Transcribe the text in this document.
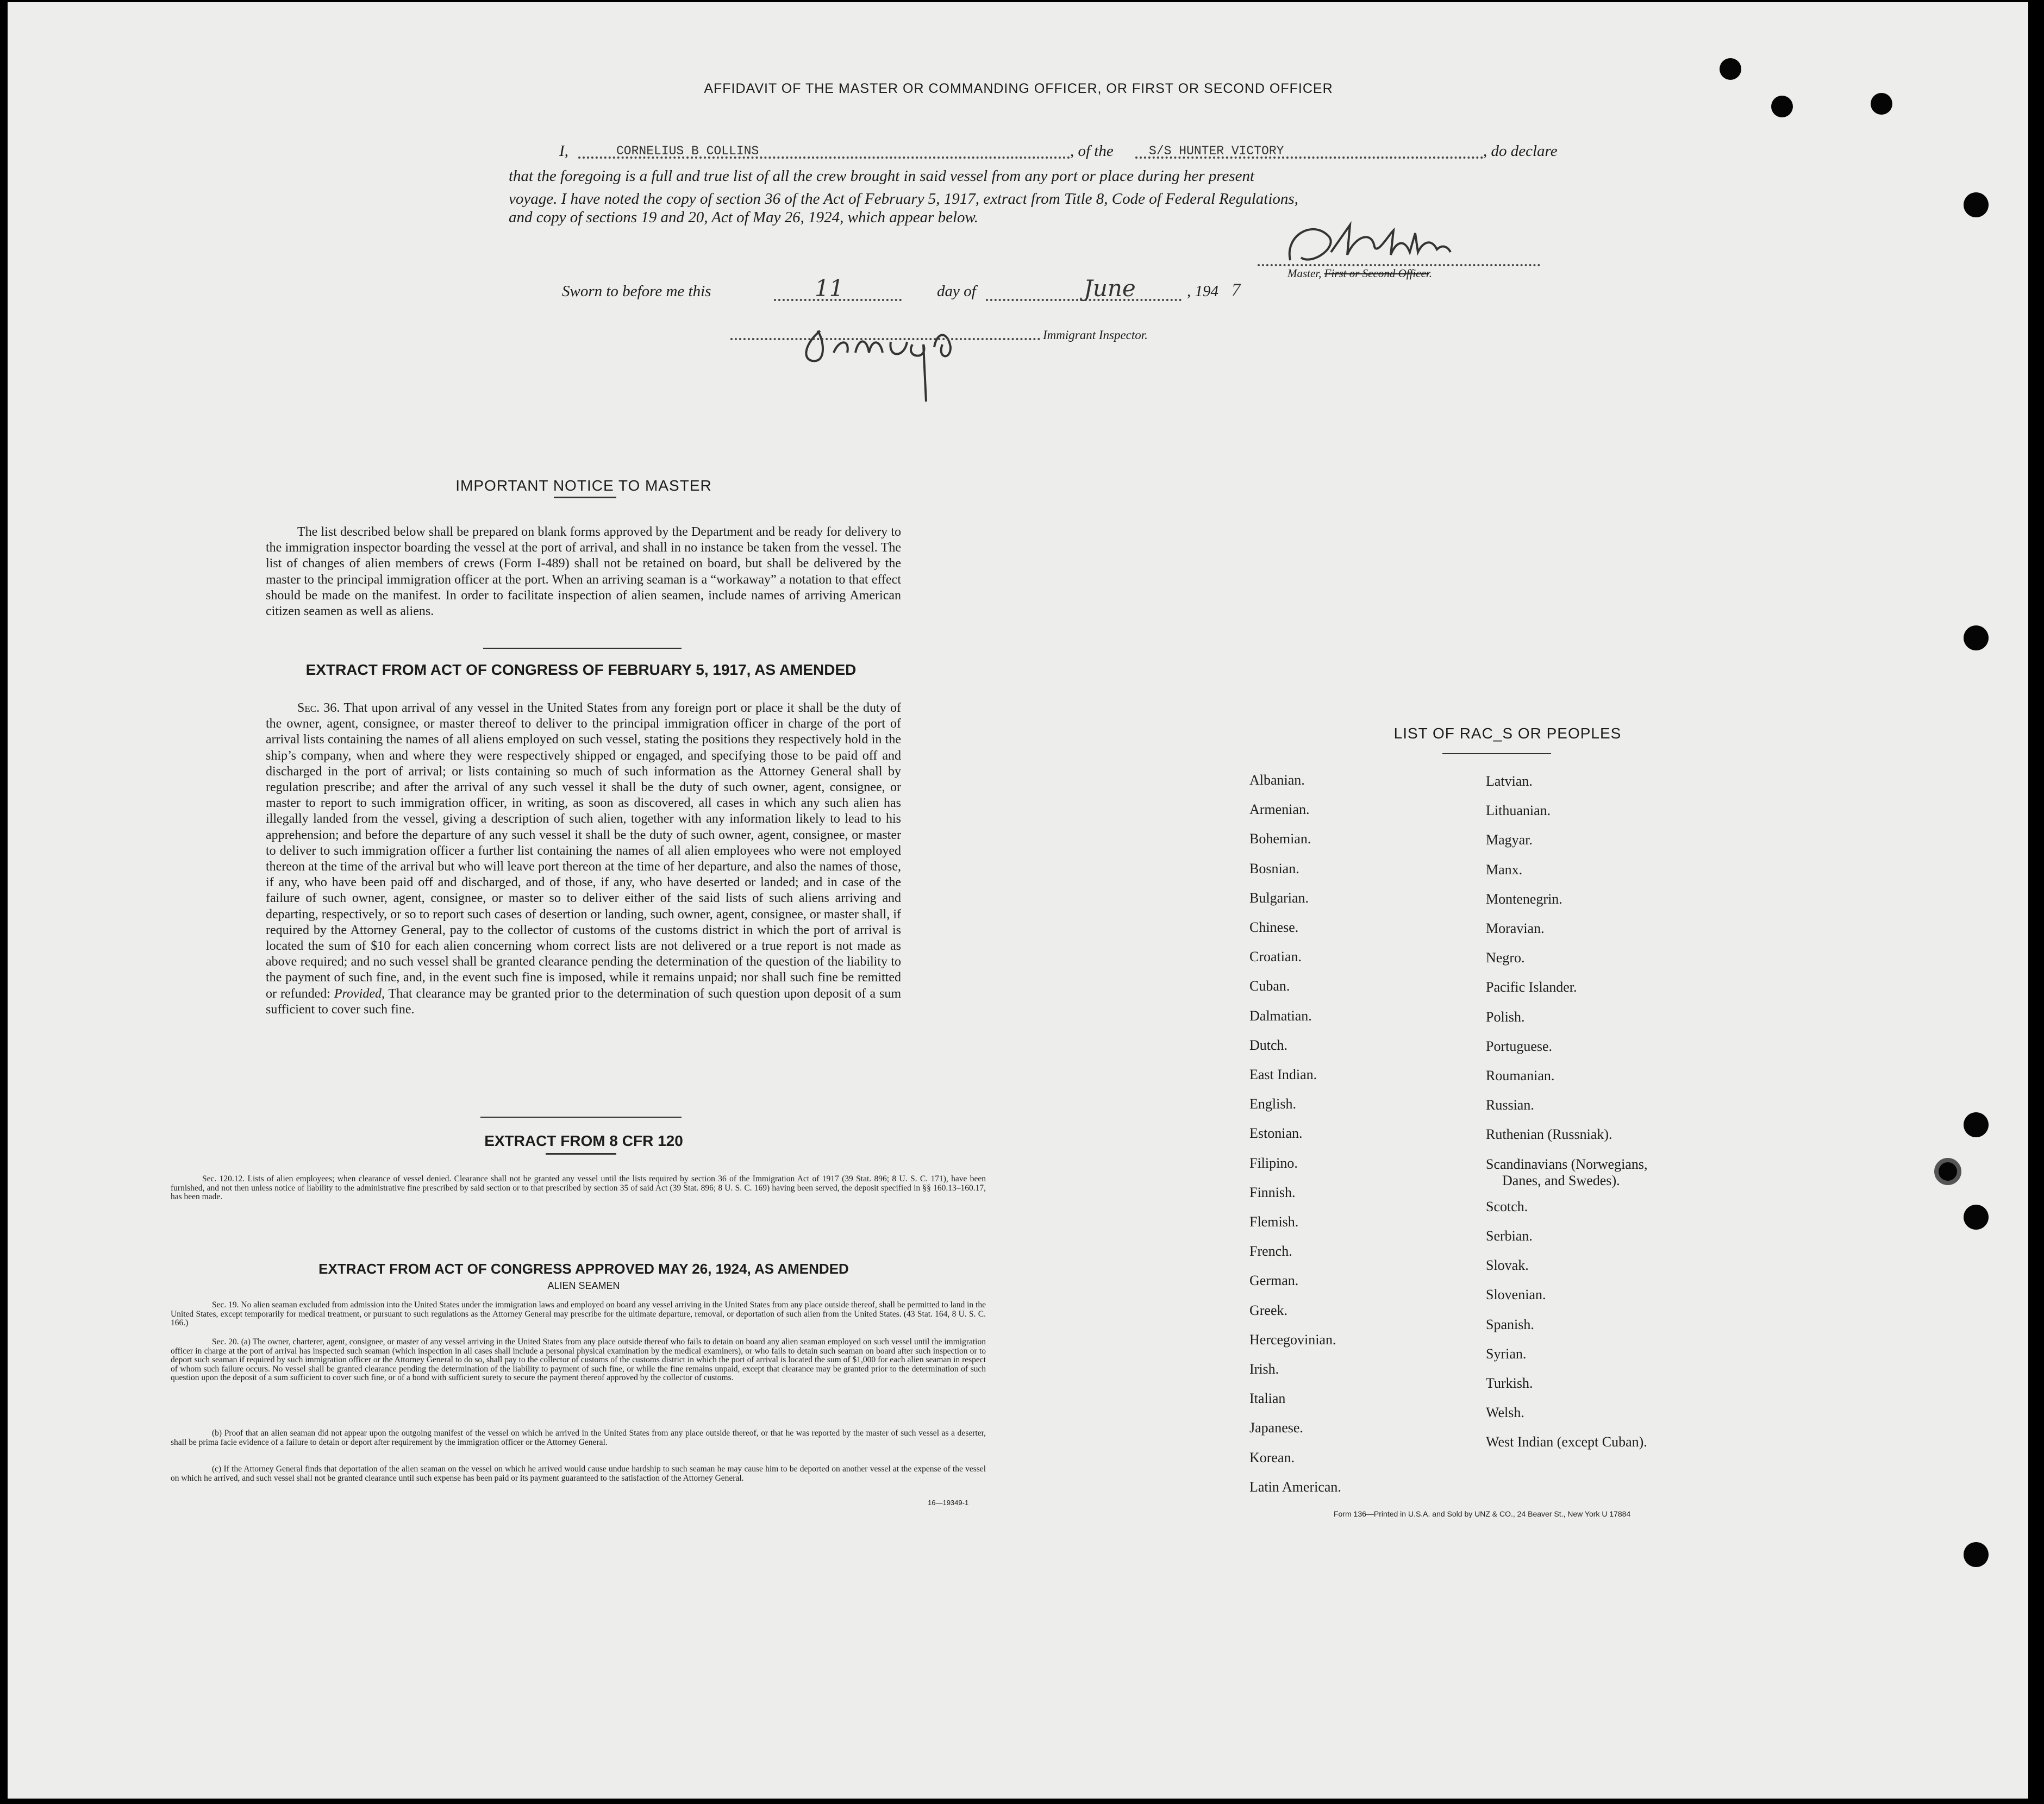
AFFIDAVIT OF THE MASTER OR COMMANDING OFFICER, OR FIRST OR SECOND OFFICER
I,	CORNELIUS B COLLINS	, of the	S/S HUNTER VICTORY	, do declare
that the foregoing is a full and true list of all the crew brought in said vessel from any port or place during her present
voyage. I have noted the copy of section 36 of the Act of February 5, 1917, extract from Title 8, Code of Federal Regulations,
and copy of sections 19 and 20, Act of May 26, 1924, which appear below.
Master, First or Second Officer.
Sworn to before me this	11	day of	June	, 194 7
Immigrant Inspector.
IMPORTANT NOTICE TO MASTER
The list described below shall be prepared on blank forms approved by the Department and be ready for delivery to the immigration inspector boarding the vessel at the port of arrival, and shall in no instance be taken from the vessel. The list of changes of alien members of crews (Form I-489) shall not be retained on board, but shall be delivered by the master to the principal immigration officer at the port. When an arriving seaman is a “workaway” a notation to that effect should be made on the manifest. In order to facilitate inspection of alien seamen, include names of arriving American citizen seamen as well as aliens.
EXTRACT FROM ACT OF CONGRESS OF FEBRUARY 5, 1917, AS AMENDED
Sec. 36. That upon arrival of any vessel in the United States from any foreign port or place it shall be the duty of the owner, agent, consignee, or master thereof to deliver to the principal immigration officer in charge of the port of arrival lists containing the names of all aliens employed on such vessel, stating the positions they respectively hold in the ship’s company, when and where they were respectively shipped or engaged, and specifying those to be paid off and discharged in the port of arrival; or lists containing so much of such information as the Attorney General shall by regulation prescribe; and after the arrival of any such vessel it shall be the duty of such owner, agent, consignee, or master to report to such immigration officer, in writing, as soon as discovered, all cases in which any such alien has illegally landed from the vessel, giving a description of such alien, together with any information likely to lead to his apprehension; and before the departure of any such vessel it shall be the duty of such owner, agent, consignee, or master to deliver to such immigration officer a further list containing the names of all alien employees who were not employed thereon at the time of the arrival but who will leave port thereon at the time of her departure, and also the names of those, if any, who have been paid off and discharged, and of those, if any, who have deserted or landed; and in case of the failure of such owner, agent, consignee, or master so to deliver either of the said lists of such aliens arriving and departing, respectively, or so to report such cases of desertion or landing, such owner, agent, consignee, or master shall, if required by the Attorney General, pay to the collector of customs of the customs district in which the port of arrival is located the sum of $10 for each alien concerning whom correct lists are not delivered or a true report is not made as above required; and no such vessel shall be granted clearance pending the determination of the question of the liability to the payment of such fine, and, in the event such fine is imposed, while it remains unpaid; nor shall such fine be remitted or refunded: Provided, That clearance may be granted prior to the determination of such question upon deposit of a sum sufficient to cover such fine.
EXTRACT FROM 8 CFR 120
Sec. 120.12. Lists of alien employees; when clearance of vessel denied. Clearance shall not be granted any vessel until the lists required by section 36 of the Immigration Act of 1917 (39 Stat. 896; 8 U. S. C. 171), have been furnished, and not then unless notice of liability to the administrative fine prescribed by said section or to that prescribed by section 35 of said Act (39 Stat. 896; 8 U. S. C. 169) having been served, the deposit specified in §§ 160.13–160.17, has been made.
EXTRACT FROM ACT OF CONGRESS APPROVED MAY 26, 1924, AS AMENDED
ALIEN SEAMEN
Sec. 19. No alien seaman excluded from admission into the United States under the immigration laws and employed on board any vessel arriving in the United States from any place outside thereof, shall be permitted to land in the United States, except temporarily for medical treatment, or pursuant to such regulations as the Attorney General may prescribe for the ultimate departure, removal, or deportation of such alien from the United States. (43 Stat. 164, 8 U. S. C. 166.)
Sec. 20. (a) The owner, charterer, agent, consignee, or master of any vessel arriving in the United States from any place outside thereof who fails to detain on board any alien seaman employed on such vessel until the immigration officer in charge at the port of arrival has inspected such seaman (which inspection in all cases shall include a personal physical examination by the medical examiners), or who fails to detain such seaman on board after such inspection or to deport such seaman if required by such immigration officer or the Attorney General to do so, shall pay to the collector of customs of the customs district in which the port of arrival is located the sum of $1,000 for each alien seaman in respect of whom such failure occurs. No vessel shall be granted clearance pending the determination of the liability to payment of such fine, or while the fine remains unpaid, except that clearance may be granted prior to the determination of such question upon the deposit of a sum sufficient to cover such fine, or of a bond with sufficient surety to secure the payment thereof approved by the collector of customs.
(b) Proof that an alien seaman did not appear upon the outgoing manifest of the vessel on which he arrived in the United States from any place outside thereof, or that he was reported by the master of such vessel as a deserter, shall be prima facie evidence of a failure to detain or deport after requirement by the immigration officer or the Attorney General.
(c) If the Attorney General finds that deportation of the alien seaman on the vessel on which he arrived would cause undue hardship to such seaman he may cause him to be deported on another vessel at the expense of the vessel on which he arrived, and such vessel shall not be granted clearance until such expense has been paid or its payment guaranteed to the satisfaction of the Attorney General.
16—19349-1
LIST OF RAC_S OR PEOPLES
Albanian.
Armenian.
Bohemian.
Bosnian.
Bulgarian.
Chinese.
Croatian.
Cuban.
Dalmatian.
Dutch.
East Indian.
English.
Estonian.
Filipino.
Finnish.
Flemish.
French.
German.
Greek.
Hercegovinian.
Irish.
Italian
Japanese.
Korean.
Latin American.
Latvian.
Lithuanian.
Magyar.
Manx.
Montenegrin.
Moravian.
Negro.
Pacific Islander.
Polish.
Portuguese.
Roumanian.
Russian.
Ruthenian (Russniak).
Scandinavians (Norwegians,
Danes, and Swedes).
Scotch.
Serbian.
Slovak.
Slovenian.
Spanish.
Syrian.
Turkish.
Welsh.
West Indian (except Cuban).
Form 136—Printed in U.S.A. and Sold by UNZ & CO., 24 Beaver St., New York U 17884
